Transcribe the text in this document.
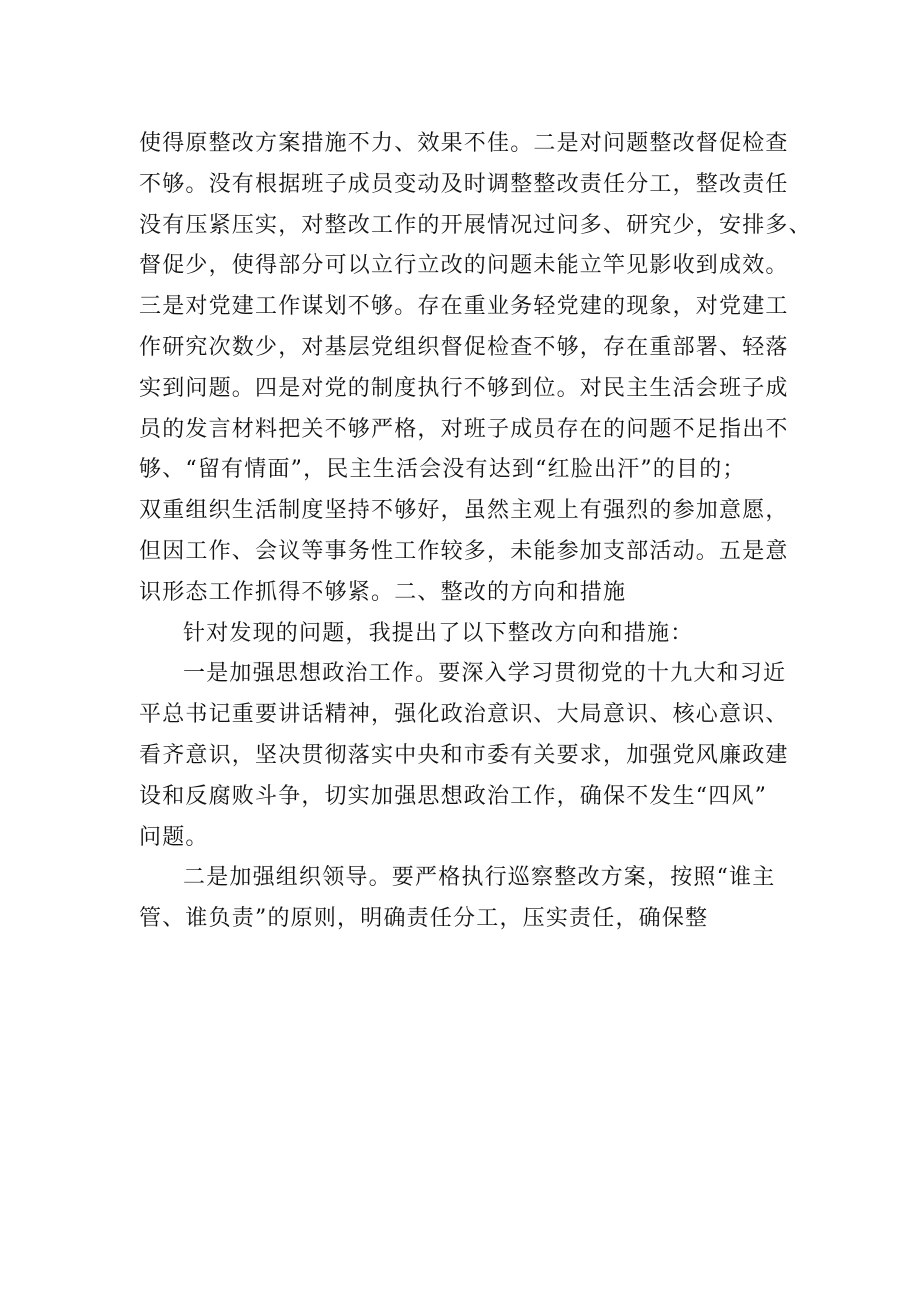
使得原整改方案措施不力、效果不佳。二是对问题整改督促检查
不够。没有根据班子成员变动及时调整整改责任分工，整改责任
没有压紧压实，对整改工作的开展情况过问多、研究少，安排多、
督促少，使得部分可以立行立改的问题未能立竿见影收到成效。
三是对党建工作谋划不够。存在重业务轻党建的现象，对党建工
作研究次数少，对基层党组织督促检查不够，存在重部署、轻落
实到问题。四是对党的制度执行不够到位。对民主生活会班子成
员的发言材料把关不够严格，对班子成员存在的问题不足指出不
够、“留有情面”，民主生活会没有达到“红脸出汗”的目的；
双重组织生活制度坚持不够好，虽然主观上有强烈的参加意愿，
但因工作、会议等事务性工作较多，未能参加支部活动。五是意
识形态工作抓得不够紧。二、整改的方向和措施
针对发现的问题，我提出了以下整改方向和措施：
一是加强思想政治工作。要深入学习贯彻党的十九大和习近
平总书记重要讲话精神，强化政治意识、大局意识、核心意识、
看齐意识，坚决贯彻落实中央和市委有关要求，加强党风廉政建
设和反腐败斗争，切实加强思想政治工作，确保不发生“四风”
问题。
二是加强组织领导。要严格执行巡察整改方案，按照“谁主
管、谁负责”的原则，明确责任分工，压实责任，确保整
